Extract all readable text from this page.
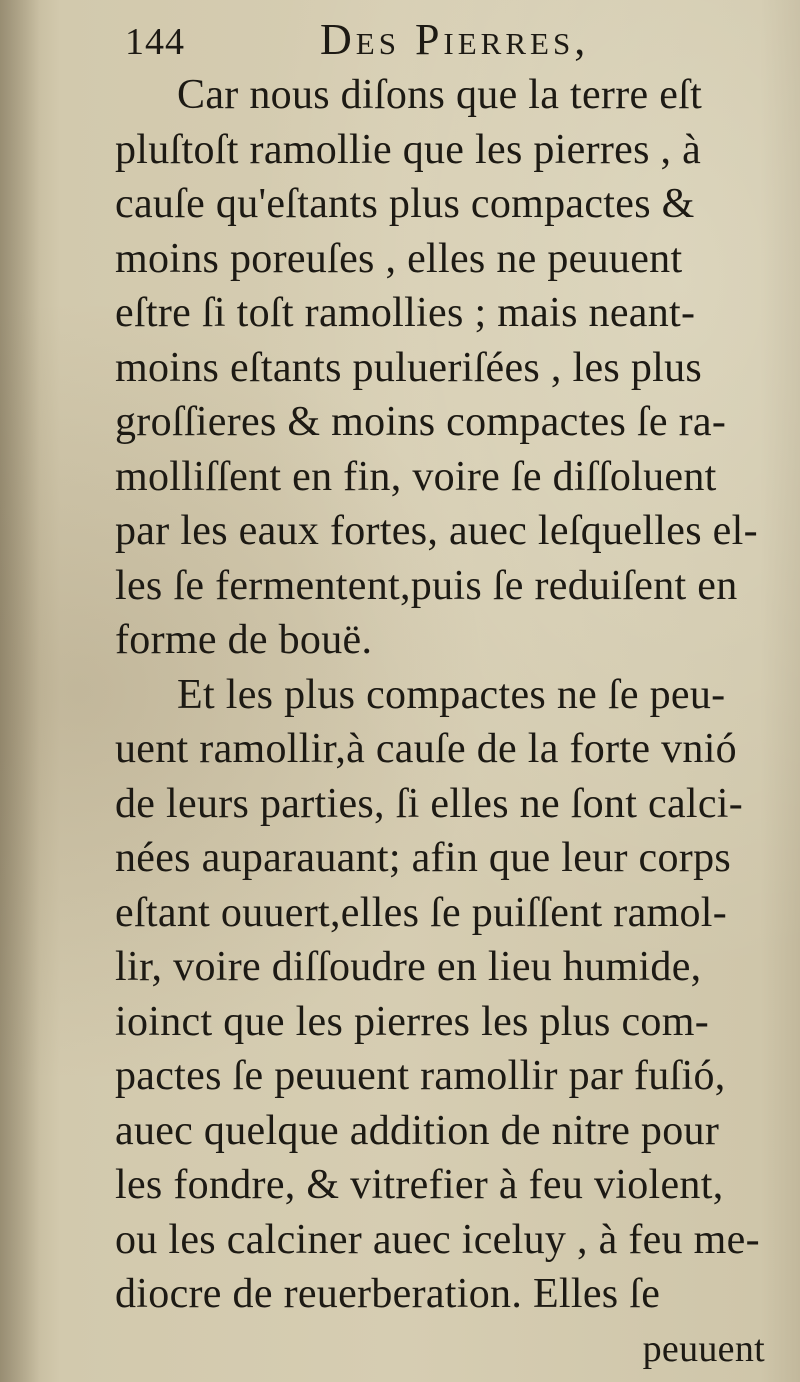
144	Des Pierres,
Car nous diſons que la terre eſt
pluſtoſt ramollie que les pierres , à
cauſe qu'eſtants plus compactes &
moins poreuſes , elles ne peuuent
eſtre ſi toſt ramollies ; mais neant-
moins eſtants pulueriſées , les plus
groſſieres & moins compactes ſe ra-
molliſſent en fin, voire ſe diſſoluent
par les eaux fortes, auec leſquelles el-
les ſe fermentent,puis ſe reduiſent en
forme de bouë.
Et les plus compactes ne ſe peu-
uent ramollir,à cauſe de la forte vnió
de leurs parties, ſi elles ne ſont calci-
nées auparauant; afin que leur corps
eſtant ouuert,elles ſe puiſſent ramol-
lir, voire diſſoudre en lieu humide,
ioinct que les pierres les plus com-
pactes ſe peuuent ramollir par fuſió,
auec quelque addition de nitre pour
les fondre, & vitrefier à feu violent,
ou les calciner auec iceluy , à feu me-
diocre de reuerberation. Elles ſe
peuuent
